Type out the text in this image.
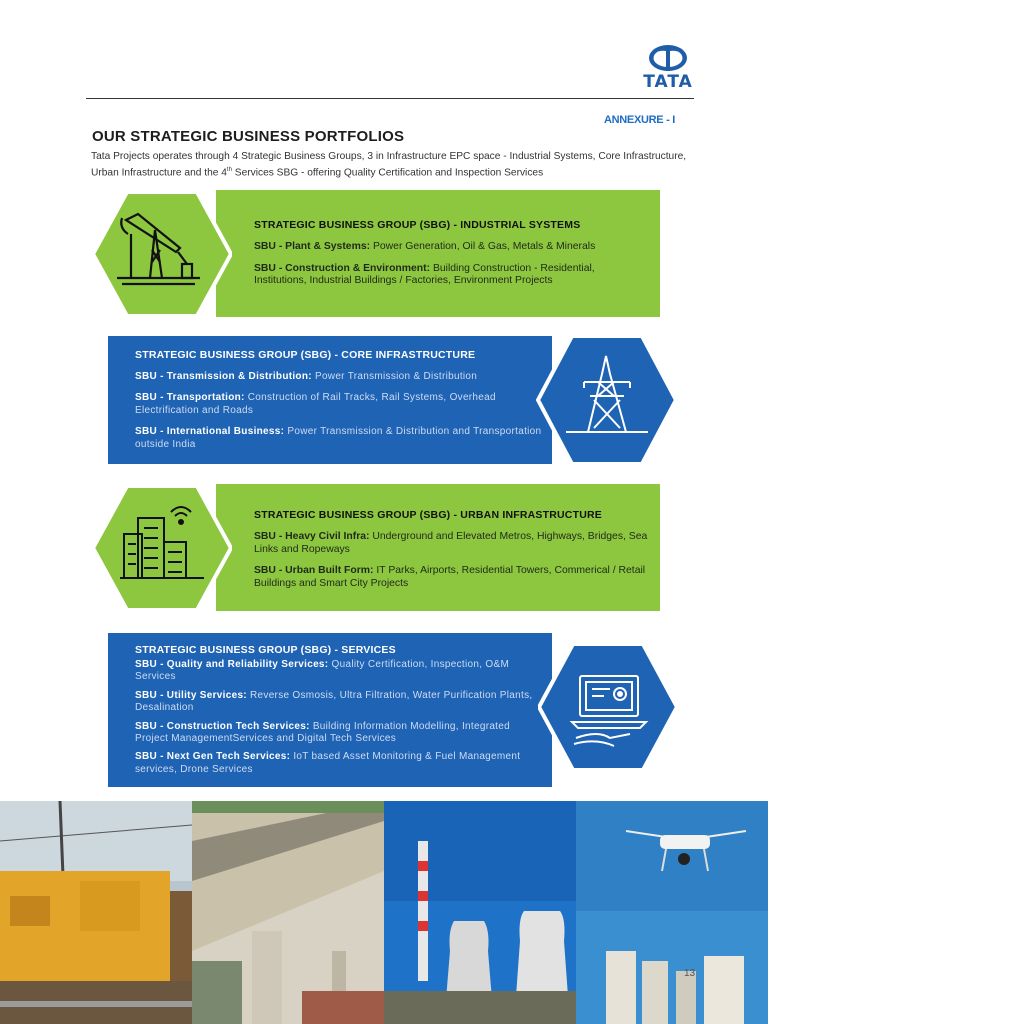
TATA
ANNEXURE - I
OUR STRATEGIC BUSINESS PORTFOLIOS
Tata Projects operates through 4 Strategic Business Groups, 3 in Infrastructure EPC space - Industrial Systems, Core Infrastructure, Urban Infrastructure and the 4th Services SBG - offering Quality Certification and Inspection Services
STRATEGIC BUSINESS GROUP (SBG) - INDUSTRIAL SYSTEMS

SBU - Plant & Systems: Power Generation, Oil & Gas, Metals & Minerals

SBU - Construction & Environment: Building Construction - Residential, Institutions, Industrial Buildings / Factories, Environment Projects

STRATEGIC BUSINESS GROUP (SBG) - CORE INFRASTRUCTURE

SBU - Transmission & Distribution: Power Transmission & Distribution

SBU - Transportation: Construction of Rail Tracks, Rail Systems, Overhead Electrification and Roads

SBU - International Business: Power Transmission & Distribution and Transportation outside India

STRATEGIC BUSINESS GROUP (SBG) - URBAN INFRASTRUCTURE

SBU - Heavy Civil Infra: Underground and Elevated Metros, Highways, Bridges, Sea Links and Ropeways

SBU - Urban Built Form: IT Parks, Airports, Residential Towers, Commerical / Retail Buildings and Smart City Projects

STRATEGIC BUSINESS GROUP (SBG) - SERVICES

SBU - Quality and Reliability Services: Quality Certification, Inspection, O&M Services

SBU - Utility Services: Reverse Osmosis, Ultra Filtration, Water Purification Plants, Desalination

SBU - Construction Tech Services: Building Information Modelling, Integrated Project ManagementServices and Digital Tech Services

SBU - Next Gen Tech Services: IoT based Asset Monitoring & Fuel Management services, Drone Services

13
